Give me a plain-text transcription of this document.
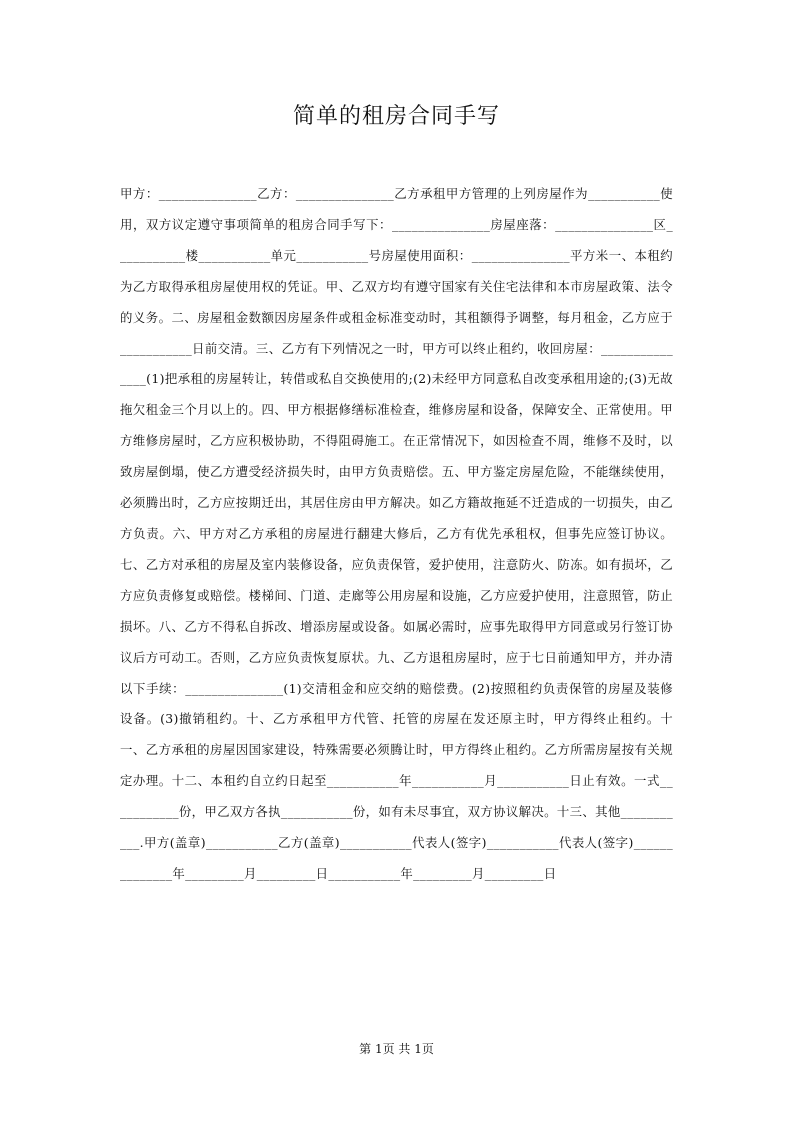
简单的租房合同手写

甲方：_______________乙方：_______________乙方承租甲方管理的上列房屋作为___________使用，双方议定遵守事项简单的租房合同手写下：_______________房屋座落：_______________区___________楼___________单元___________号房屋使用面积：_______________平方米一、本租约为乙方取得承租房屋使用权的凭证。甲、乙双方均有遵守国家有关住宅法律和本市房屋政策、法令的义务。二、房屋租金数额因房屋条件或租金标准变动时，其租额得予调整，每月租金，乙方应于___________日前交清。三、乙方有下列情况之一时，甲方可以终止租约，收回房屋：_______________(1)把承租的房屋转让，转借或私自交换使用的;(2)未经甲方同意私自改变承租用途的;(3)无故拖欠租金三个月以上的。四、甲方根据修缮标准检查，维修房屋和设备，保障安全、正常使用。甲方维修房屋时，乙方应积极协助，不得阻碍施工。在正常情况下，如因检查不周，维修不及时，以致房屋倒塌，使乙方遭受经济损失时，由甲方负责赔偿。五、甲方鉴定房屋危险，不能继续使用，必须腾出时，乙方应按期迁出，其居住房由甲方解决。如乙方籍故拖延不迁造成的一切损失，由乙方负责。六、甲方对乙方承租的房屋进行翻建大修后，乙方有优先承租权，但事先应签订协议。七、乙方对承租的房屋及室内装修设备，应负责保管，爱护使用，注意防火、防冻。如有损坏，乙方应负责修复或赔偿。楼梯间、门道、走廊等公用房屋和设施，乙方应爱护使用，注意照管，防止损坏。八、乙方不得私自拆改、增添房屋或设备。如属必需时，应事先取得甲方同意或另行签订协议后方可动工。否则，乙方应负责恢复原状。九、乙方退租房屋时，应于七日前通知甲方，并办清以下手续：_______________(1)交清租金和应交纳的赔偿费。(2)按照租约负责保管的房屋及装修设备。(3)撤销租约。十、乙方承租甲方代管、托管的房屋在发还原主时，甲方得终止租约。十一、乙方承租的房屋因国家建设，特殊需要必须腾让时，甲方得终止租约。乙方所需房屋按有关规定办理。十二、本租约自立约日起至___________年___________月___________日止有效。一式___________份，甲乙双方各执___________份，如有未尽事宜，双方协议解决。十三、其他___________.甲方(盖章)___________乙方(盖章)___________代表人(签字)___________代表人(签字)______________年_________月_________日___________年_________月_________日

第 1页 共 1页
